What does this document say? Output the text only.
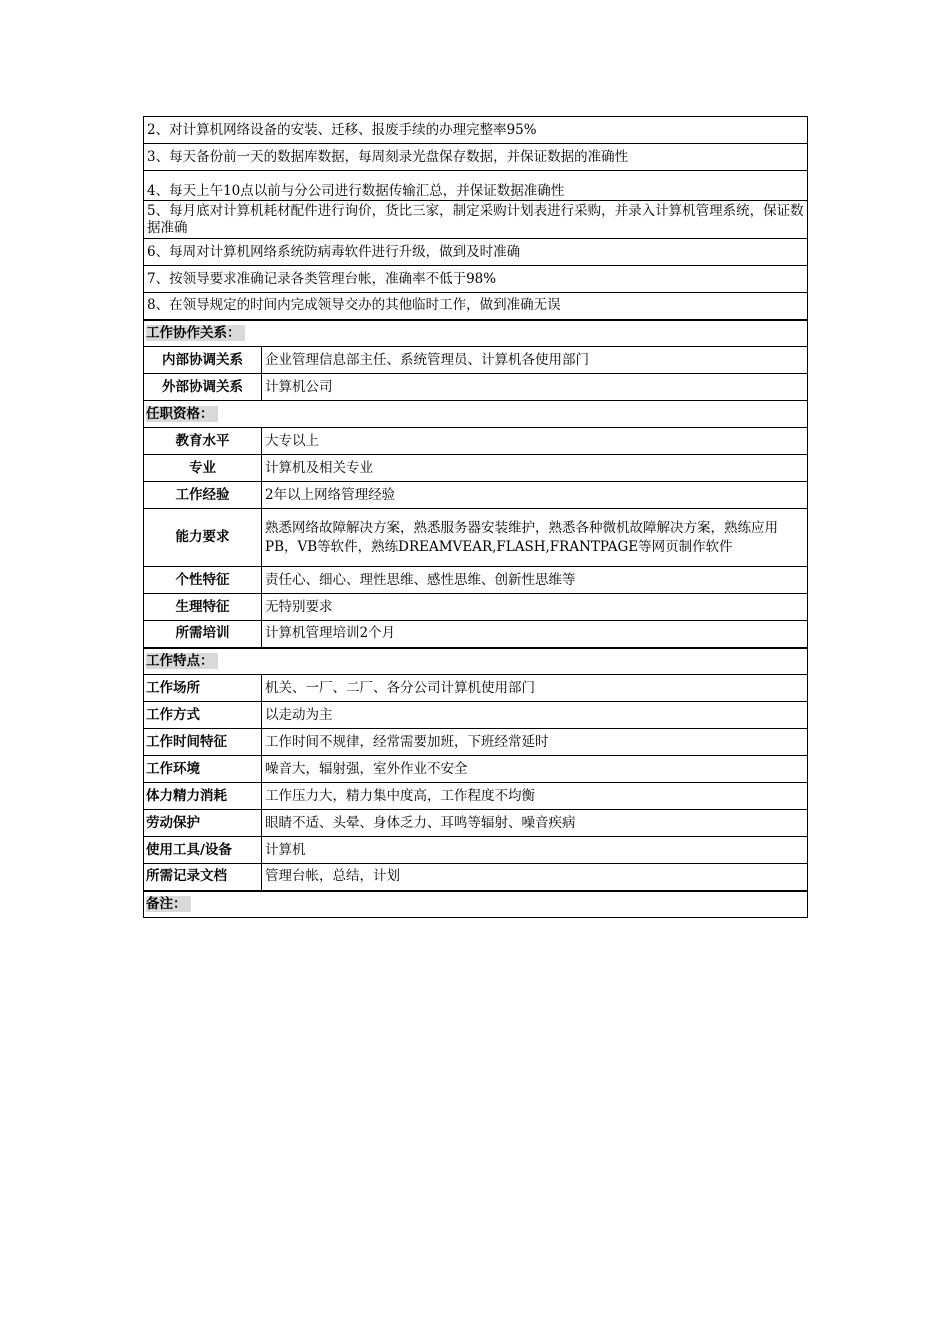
2、对计算机网络设备的安装、迁移、报废手续的办理完整率95%	
3、每天备份前一天的数据库数据，每周刻录光盘保存数据，并保证数据的准确性	
4、每天上午10点以前与分公司进行数据传输汇总，并保证数据准确性	
5、每月底对计算机耗材配件进行询价，货比三家，制定采购计划表进行采购，并录入计算机管理系统，保证数据准确	
6、每周对计算机网络系统防病毒软件进行升级，做到及时准确	
7、按领导要求准确记录各类管理台帐，准确率不低于98%	
8、在领导规定的时间内完成领导交办的其他临时工作，做到准确无误	
工作协作关系：	
内部协调关系	企业管理信息部主任、系统管理员、计算机各使用部门
外部协调关系	计算机公司
任职资格：	
教育水平	大专以上
专业	计算机及相关专业
工作经验	2年以上网络管理经验
能力要求	熟悉网络故障解决方案，熟悉服务器安装维护，熟悉各种微机故障解决方案，熟练应用PB，VB等软件，熟练DREAMVEAR,FLASH,FRANTPAGE等网页制作软件
个性特征	责任心、细心、理性思维、感性思维、创新性思维等
生理特征	无特别要求
所需培训	计算机管理培训2个月
工作特点：	
工作场所	机关、一厂、二厂、各分公司计算机使用部门
工作方式	以走动为主
工作时间特征	工作时间不规律，经常需要加班，下班经常延时
工作环境	噪音大，辐射强，室外作业不安全
体力精力消耗	工作压力大，精力集中度高，工作程度不均衡
劳动保护	眼睛不适、头晕、身体乏力、耳鸣等辐射、噪音疾病
使用工具/设备	计算机
所需记录文档	管理台帐，总结，计划
备注：	
